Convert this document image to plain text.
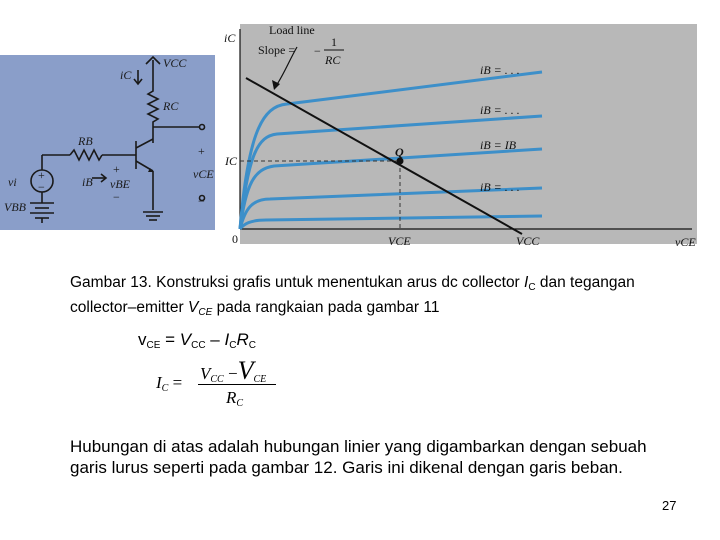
VCC
iC
RC
RB
vi	iB vBE
vCE
VBB
+
−
+
−
+
−
iC
vCE
0
IC
VCE	VCC
Q
Load line
Slope = −
1
RC
iB = . . .
iB = . . .
iB = IB
iB = . . .
Gambar 13. Konstruksi grafis untuk menentukan arus dc collector $I_C$ dan tegangan collector–emitter $V_{CE}$ pada rangkaian pada gambar 11
$v_{CE} = V_{CC} - I_CR_C$
$I_C = V_{CC} -V_{CE}$
$R_C$
Hubungan di atas adalah hubungan linier yang digambarkan dengan sebuah garis lurus seperti pada gambar 12. Garis ini dikenal dengan garis beban.
27
